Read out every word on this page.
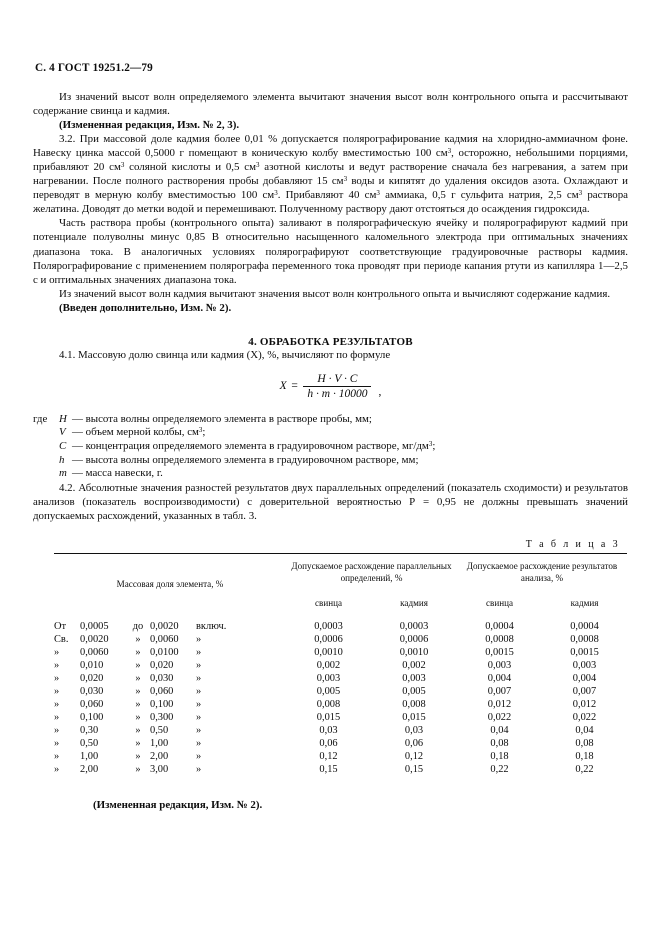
С. 4 ГОСТ 19251.2—79

Из значений высот волн определяемого элемента вычитают значения высот волн контрольного опыта и рассчитывают содержание свинца и кадмия.

(Измененная редакция, Изм. № 2, 3).

3.2. При массовой доле кадмия более 0,01 % допускается полярографирование кадмия на хлоридно-аммиачном фоне. Навеску цинка массой 0,5000 г помещают в коническую колбу вместимостью 100 $см^3$, осторожно, небольшими порциями, прибавляют 20 $см^3$ соляной кислоты и 0,5 $см^3$ азотной кислоты и ведут растворение сначала без нагревания, а затем при нагревании. После полного растворения пробы добавляют 15 $см^3$ воды и кипятят до удаления оксидов азота. Охлаждают и переводят в мерную колбу вместимостью 100 $см^3$. Прибавляют 40 $см^3$ аммиака, 0,5 г сульфита натрия, 2,5 $см^3$ раствора желатина. Доводят до метки водой и перемешивают. Полученному раствору дают отстояться до осаждения гидроксида.

Часть раствора пробы (контрольного опыта) заливают в полярографическую ячейку и полярографируют кадмий при потенциале полуволны минус 0,85 В относительно насыщенного каломельного электрода при оптимальных значениях диапазона тока. В аналогичных условиях полярографируют соответствующие градуировочные растворы кадмия. Полярографирование с применением полярографа переменного тока проводят при периоде капания ртути из капилляра 1—2,5 с и оптимальных значениях диапазона тока.

Из значений высот волн кадмия вычитают значения высот волн контрольного опыта и вычисляют содержание кадмия.

(Введен дополнительно, Изм. № 2).

4. ОБРАБОТКА РЕЗУЛЬТАТОВ

4.1. Массовую долю свинца или кадмия (X), %, вычисляют по формуле

$X = \frac{H \cdot V \cdot C}{h \cdot m \cdot 10000}$ ,
где H — высота волны определяемого элемента в растворе пробы, мм;
V — объем мерной колбы, $см^3$;
C — концентрация определяемого элемента в градуировочном растворе, $мг/дм^3$;
h — высота волны определяемого элемента в градуировочном растворе, мм;
m — масса навески, г.

4.2. Абсолютные значения разностей результатов двух параллельных определений (показатель сходимости) и результатов анализов (показатель воспроизводимости) с доверительной вероятностью Р = 0,95 не должны превышать значений допускаемых расхождений, указанных в табл. 3.

Т а б л и ц а 3
Массовая доля элемента, %	Допускаемое расхождение параллельных определений, %		Допускаемое расхождение результатов анализа, %	
	свинца	кадмия	свинца	кадмия
От 0,0005 до 0,0020 включ.	0,0003	0,0003	0,0004	0,0004
Св. 0,0020 » 0,0060 »	0,0006	0,0006	0,0008	0,0008
» 0,0060 » 0,0100 »	0,0010	0,0010	0,0015	0,0015
» 0,010 » 0,020 »	0,002	0,002	0,003	0,003
» 0,020 » 0,030 »	0,003	0,003	0,004	0,004
» 0,030 » 0,060 »	0,005	0,005	0,007	0,007
» 0,060 » 0,100 »	0,008	0,008	0,012	0,012
» 0,100 » 0,300 »	0,015	0,015	0,022	0,022
» 0,30 » 0,50 »	0,03	0,03	0,04	0,04
» 0,50 » 1,00 »	0,06	0,06	0,08	0,08
» 1,00 » 2,00 »	0,12	0,12	0,18	0,18
» 2,00 » 3,00 »	0,15	0,15	0,22	0,22
(Измененная редакция, Изм. № 2).
